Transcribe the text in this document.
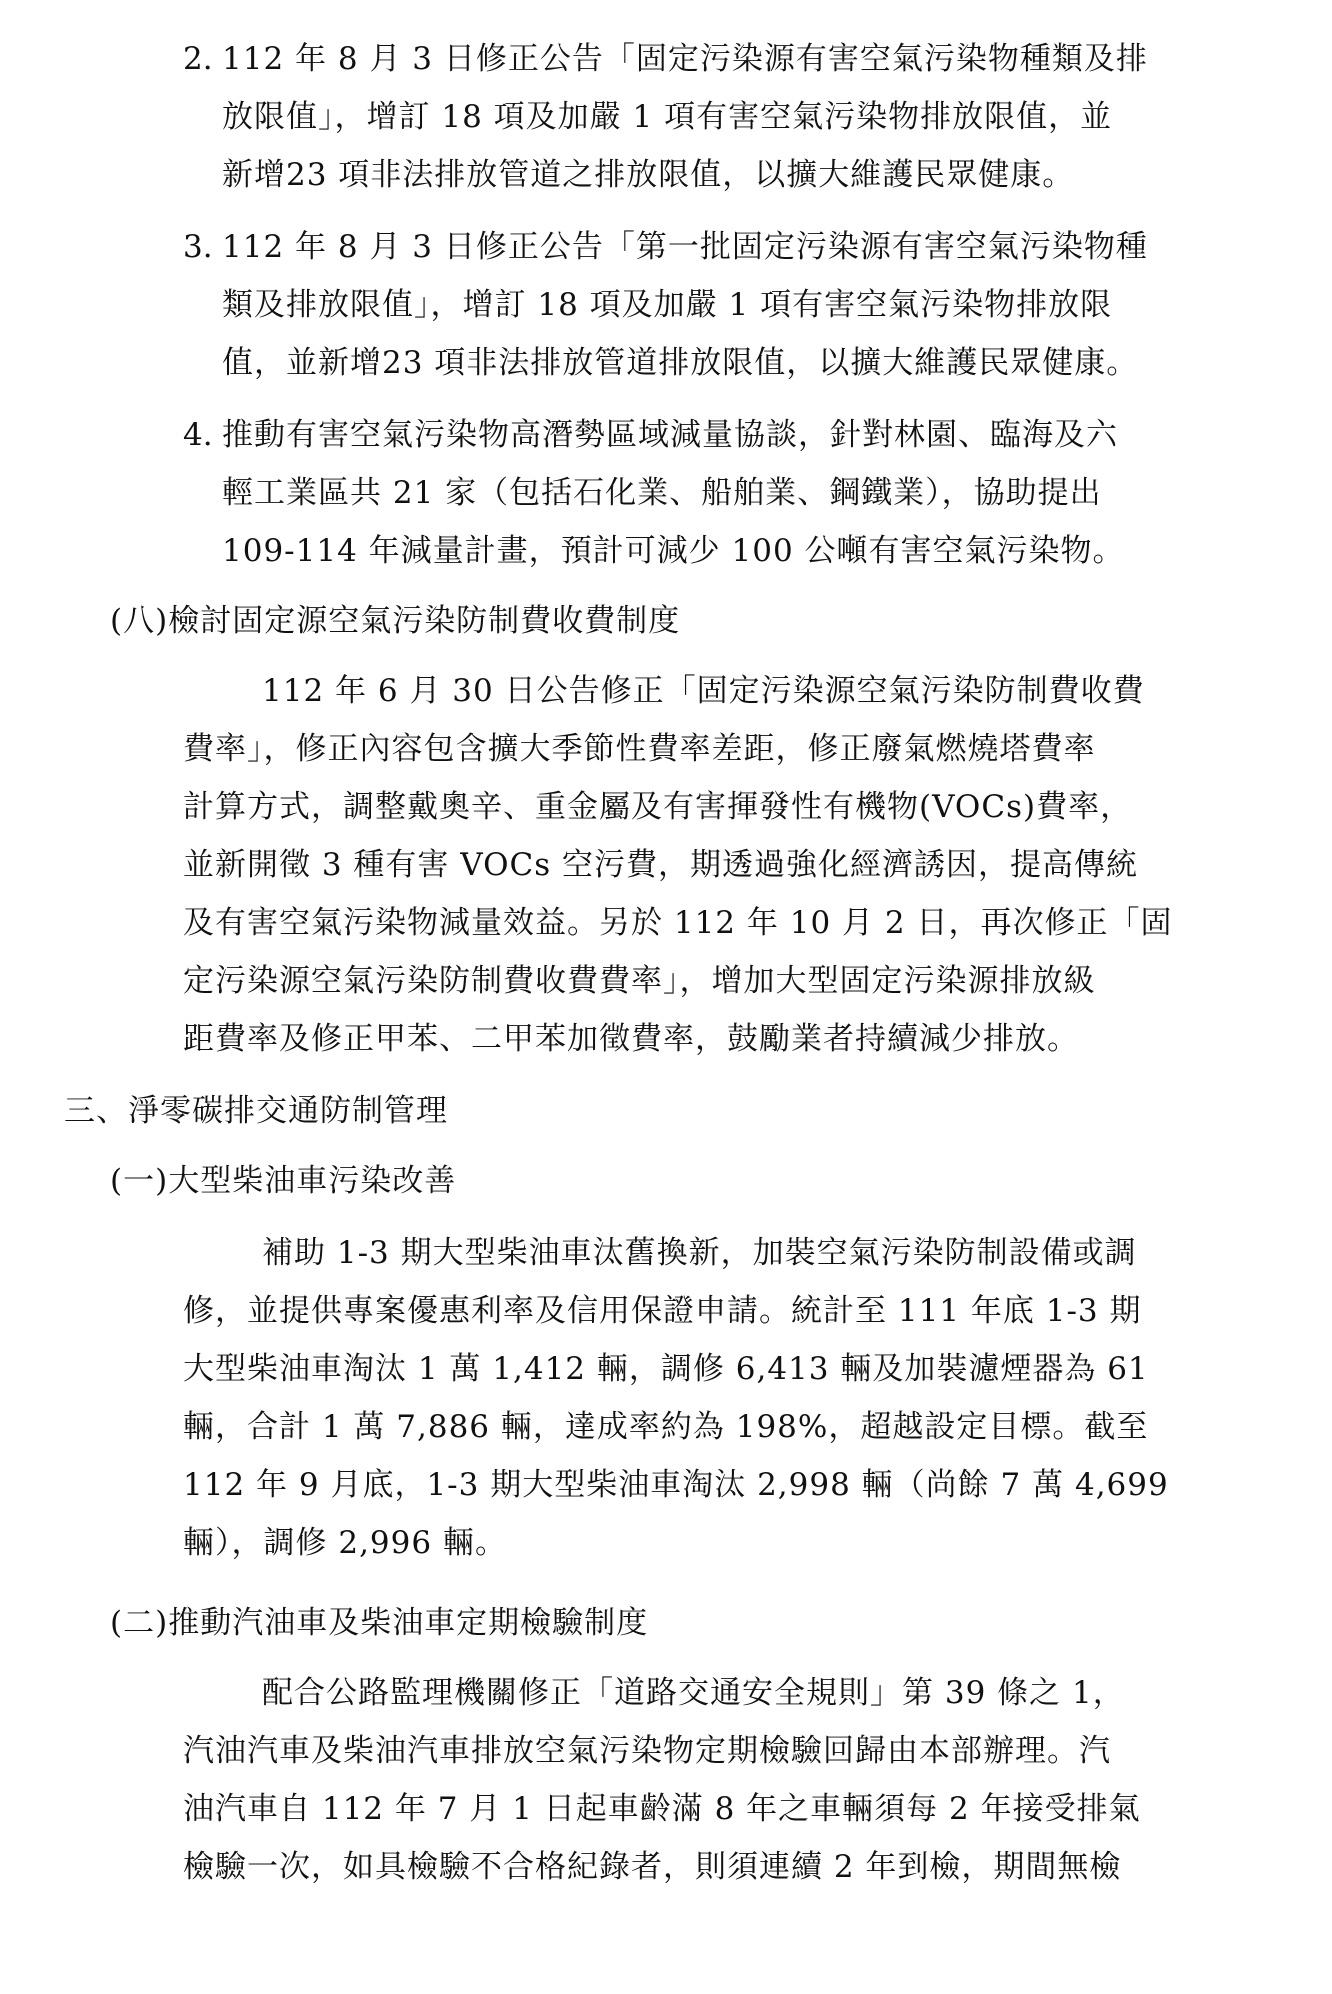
2. 112 年 8 月 3 日修正公告「固定污染源有害空氣污染物種類及排
放限值」，增訂 18 項及加嚴 1 項有害空氣污染物排放限值，並
新增23 項非法排放管道之排放限值，以擴大維護民眾健康。
3. 112 年 8 月 3 日修正公告「第一批固定污染源有害空氣污染物種
類及排放限值」，增訂 18 項及加嚴 1 項有害空氣污染物排放限
值，並新增23 項非法排放管道排放限值，以擴大維護民眾健康。
4. 推動有害空氣污染物高潛勢區域減量協談，針對林園、臨海及六
輕工業區共 21 家（包括石化業、船舶業、鋼鐵業），協助提出
109-114 年減量計畫，預計可減少 100 公噸有害空氣污染物。
(八)檢討固定源空氣污染防制費收費制度
112 年 6 月 30 日公告修正「固定污染源空氣污染防制費收費
費率」，修正內容包含擴大季節性費率差距，修正廢氣燃燒塔費率
計算方式，調整戴奧辛、重金屬及有害揮發性有機物(VOCs)費率，
並新開徵 3 種有害 VOCs 空污費，期透過強化經濟誘因，提高傳統
及有害空氣污染物減量效益。另於 112 年 10 月 2 日，再次修正「固
定污染源空氣污染防制費收費費率」，增加大型固定污染源排放級
距費率及修正甲苯、二甲苯加徵費率，鼓勵業者持續減少排放。
三、淨零碳排交通防制管理
(一)大型柴油車污染改善
補助 1-3 期大型柴油車汰舊換新，加裝空氣污染防制設備或調
修，並提供專案優惠利率及信用保證申請。統計至 111 年底 1-3 期
大型柴油車淘汰 1 萬 1,412 輛，調修 6,413 輛及加裝濾煙器為 61
輛，合計 1 萬 7,886 輛，達成率約為 198%，超越設定目標。截至
112 年 9 月底，1-3 期大型柴油車淘汰 2,998 輛（尚餘 7 萬 4,699
輛），調修 2,996 輛。
(二)推動汽油車及柴油車定期檢驗制度
配合公路監理機關修正「道路交通安全規則」第 39 條之 1，
汽油汽車及柴油汽車排放空氣污染物定期檢驗回歸由本部辦理。汽
油汽車自 112 年 7 月 1 日起車齡滿 8 年之車輛須每 2 年接受排氣
檢驗一次，如具檢驗不合格紀錄者，則須連續 2 年到檢，期間無檢
